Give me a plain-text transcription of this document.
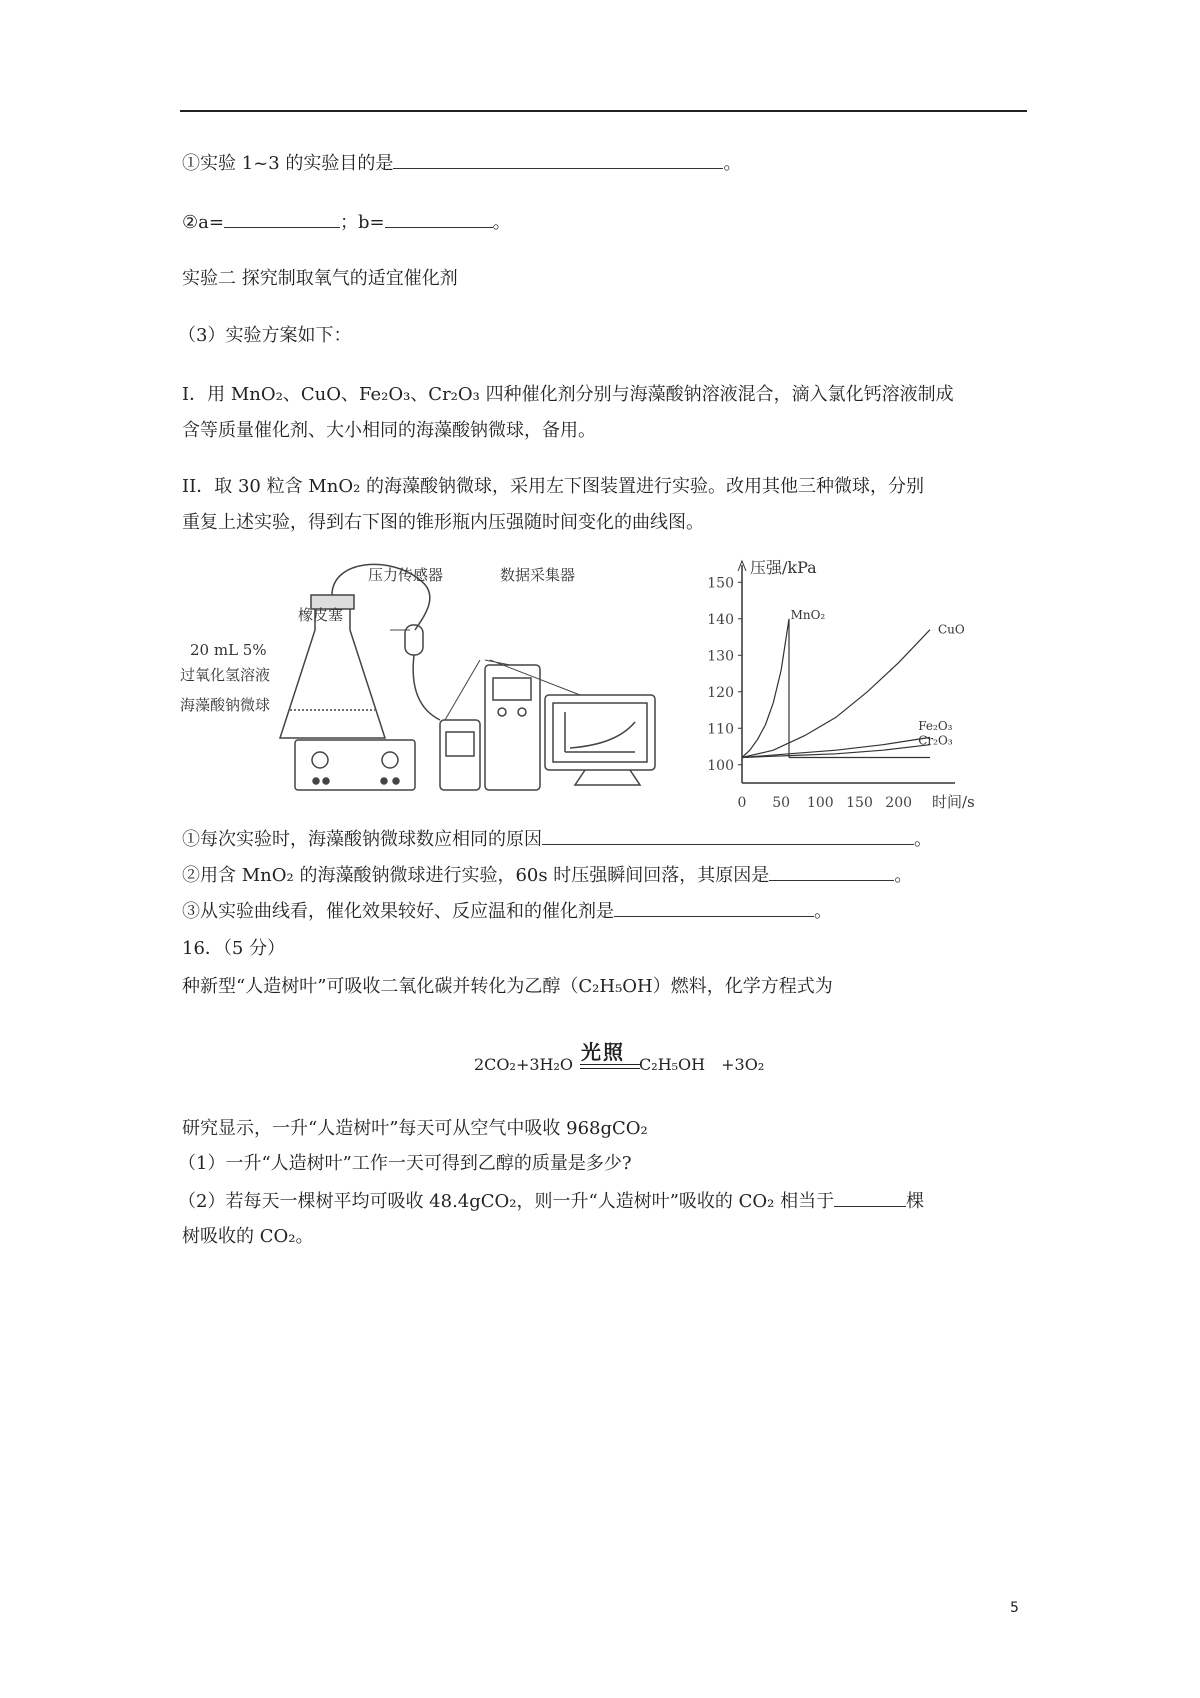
①实验 1~3 的实验目的是	。
②a=	；b=	。
实验二 探究制取氧气的适宜催化剂
（3）实验方案如下：
I．用 MnO₂、CuO、Fe₂O₃、Cr₂O₃ 四种催化剂分别与海藻酸钠溶液混合，滴入氯化钙溶液制成
含等质量催化剂、大小相同的海藻酸钠微球，备用。
II．取 30 粒含 MnO₂ 的海藻酸钠微球，采用左下图装置进行实验。改用其他三种微球，分别
重复上述实验，得到右下图的锥形瓶内压强随时间变化的曲线图。
橡皮塞
20 mL 5%
过氧化氢溶液
海藻酸钠微球
压力传感器	数据采集器	压强/kPa
时间/s
100
110
120
130
140
150
0 50 100 150 200
MnO₂
CuO
Fe₂O₃
Cr₂O₃
①每次实验时，海藻酸钠微球数应相同的原因	。
②用含 MnO₂ 的海藻酸钠微球进行实验，60s 时压强瞬间回落，其原因是	。
③从实验曲线看，催化效果较好、反应温和的催化剂是	。
16．（5 分）
种新型“人造树叶”可吸收二氧化碳并转化为乙醇（C₂H₅OH）燃料，化学方程式为
光照
2CO₂+3H₂O	C₂H₅OH　+3O₂
研究显示，一升“人造树叶”每天可从空气中吸收 968gCO₂
（1）一升“人造树叶”工作一天可得到乙醇的质量是多少?
（2）若每天一棵树平均可吸收 48.4gCO₂，则一升“人造树叶”吸收的 CO₂ 相当于	棵
树吸收的 CO₂。
5
